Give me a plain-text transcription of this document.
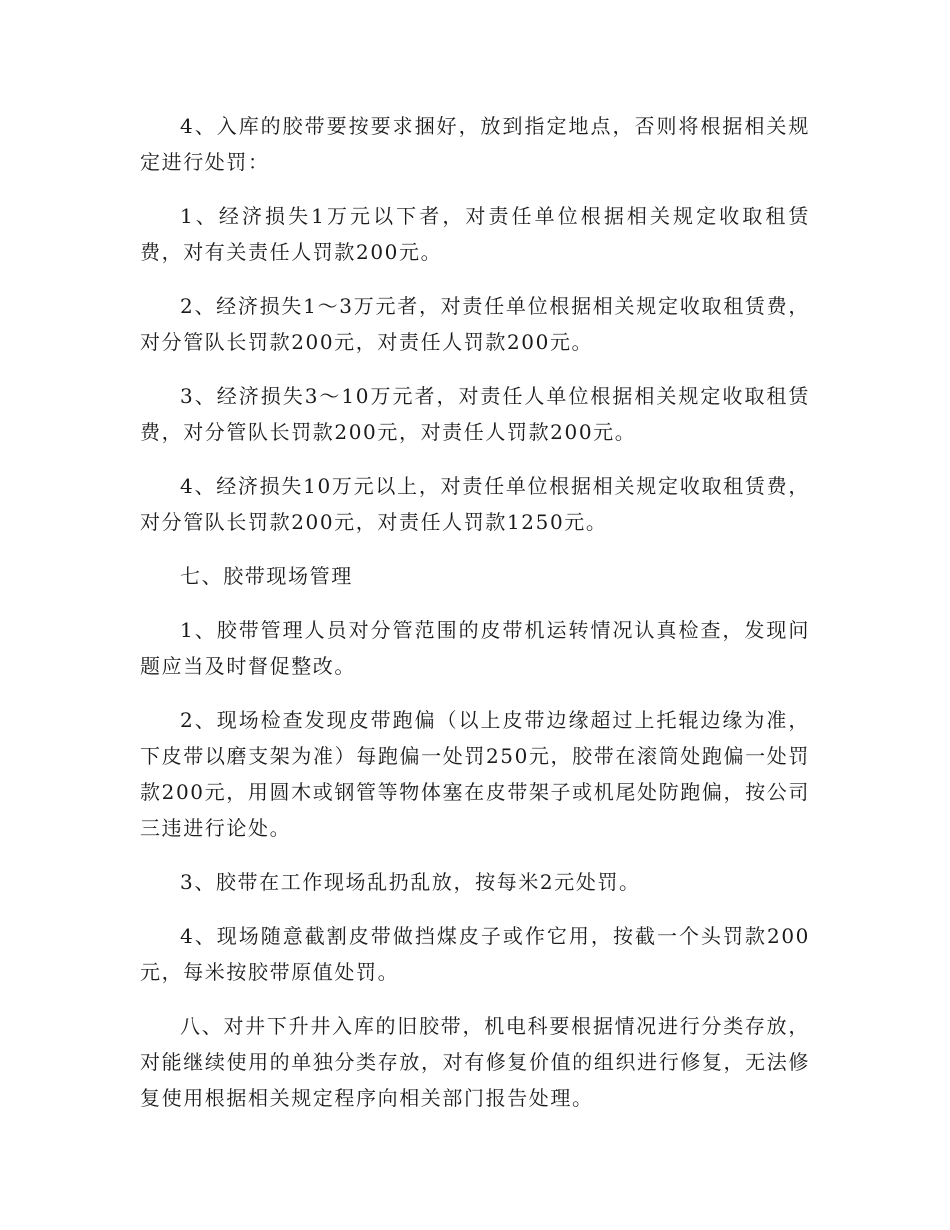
4、入库的胶带要按要求捆好，放到指定地点，否则将根据相关规定进行处罚：

1、经济损失1万元以下者，对责任单位根据相关规定收取租赁费，对有关责任人罚款200元。

2、经济损失1～3万元者，对责任单位根据相关规定收取租赁费，对分管队长罚款200元，对责任人罚款200元。

3、经济损失3～10万元者，对责任人单位根据相关规定收取租赁费，对分管队长罚款200元，对责任人罚款200元。

4、经济损失10万元以上，对责任单位根据相关规定收取租赁费，对分管队长罚款200元，对责任人罚款1250元。

七、胶带现场管理

1、胶带管理人员对分管范围的皮带机运转情况认真检查，发现问题应当及时督促整改。

2、现场检查发现皮带跑偏（以上皮带边缘超过上托辊边缘为准，下皮带以磨支架为准）每跑偏一处罚250元，胶带在滚筒处跑偏一处罚款200元，用圆木或钢管等物体塞在皮带架子或机尾处防跑偏，按公司三违进行论处。

3、胶带在工作现场乱扔乱放，按每米2元处罚。

4、现场随意截割皮带做挡煤皮子或作它用，按截一个头罚款200元，每米按胶带原值处罚。

八、对井下升井入库的旧胶带，机电科要根据情况进行分类存放，对能继续使用的单独分类存放，对有修复价值的组织进行修复，无法修复使用根据相关规定程序向相关部门报告处理。
